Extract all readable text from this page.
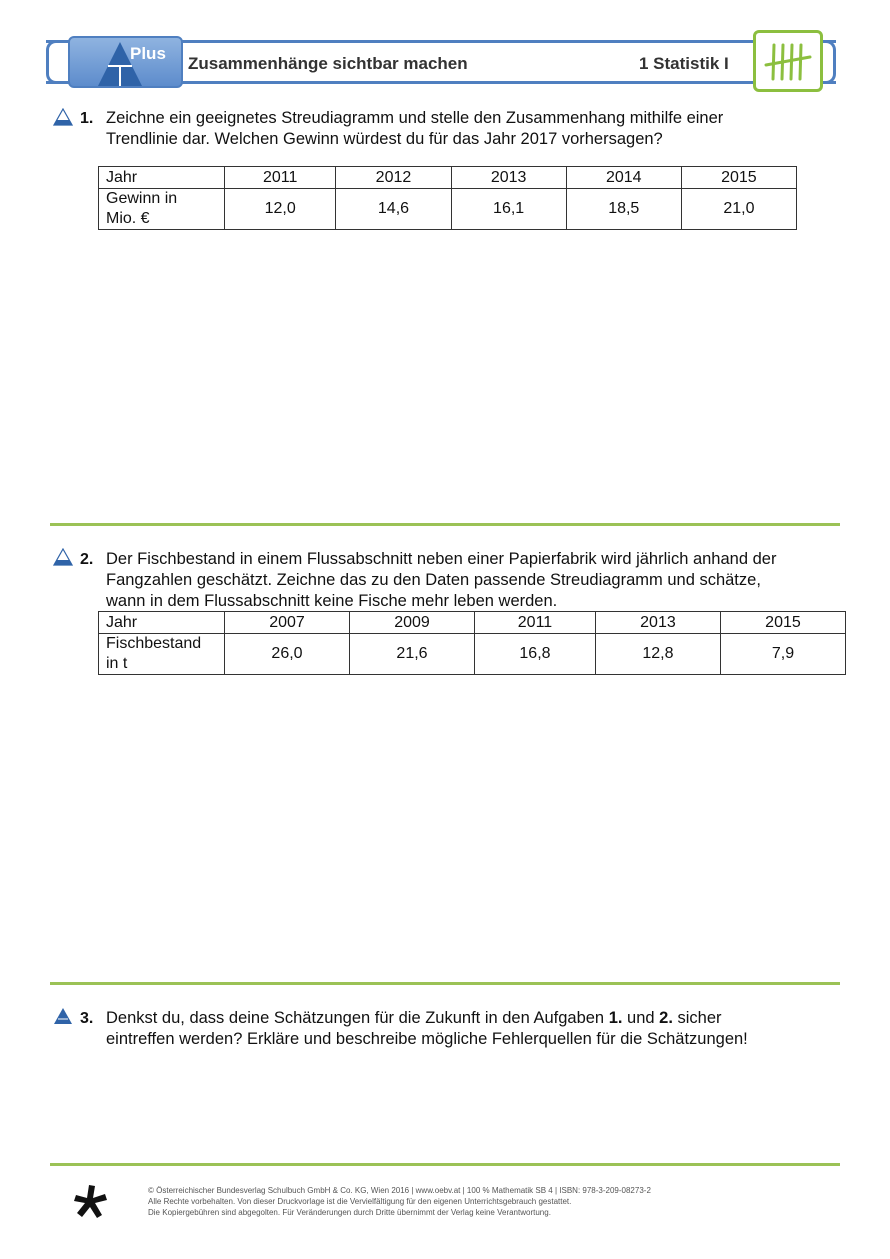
Plus
Zusammenhänge sichtbar machen	1 Statistik I
1. Zeichne ein geeignetes Streudiagramm und stelle den Zusammenhang mithilfe einer
Trendlinie dar. Welchen Gewinn würdest du für das Jahr 2017 vorhersagen?
Jahr	2011	2012	2013	2014	2015

Gewinn in
Mio. €	12,0	14,6	16,1	18,5	21,0
2. Der Fischbestand in einem Flussabschnitt neben einer Papierfabrik wird jährlich anhand der
Fangzahlen geschätzt. Zeichne das zu den Daten passende Streudiagramm und schätze,
wann in dem Flussabschnitt keine Fische mehr leben werden.
Jahr	2007	2009	2011	2013	2015

Fischbestand
in t	26,0	21,6	16,8	12,8	7,9
3. Denkst du, dass deine Schätzungen für die Zukunft in den Aufgaben 1. und 2. sicher
eintreffen werden? Erkläre und beschreibe mögliche Fehlerquellen für die Schätzungen!
© Österreichischer Bundesverlag Schulbuch GmbH & Co. KG, Wien 2016 | www.oebv.at | 100 % Mathematik SB 4 | ISBN: 978-3-209-08273-2
Alle Rechte vorbehalten. Von dieser Druckvorlage ist die Vervielfältigung für den eigenen Unterrichtsgebrauch gestattet.
Die Kopiergebühren sind abgegolten. Für Veränderungen durch Dritte übernimmt der Verlag keine Verantwortung.
